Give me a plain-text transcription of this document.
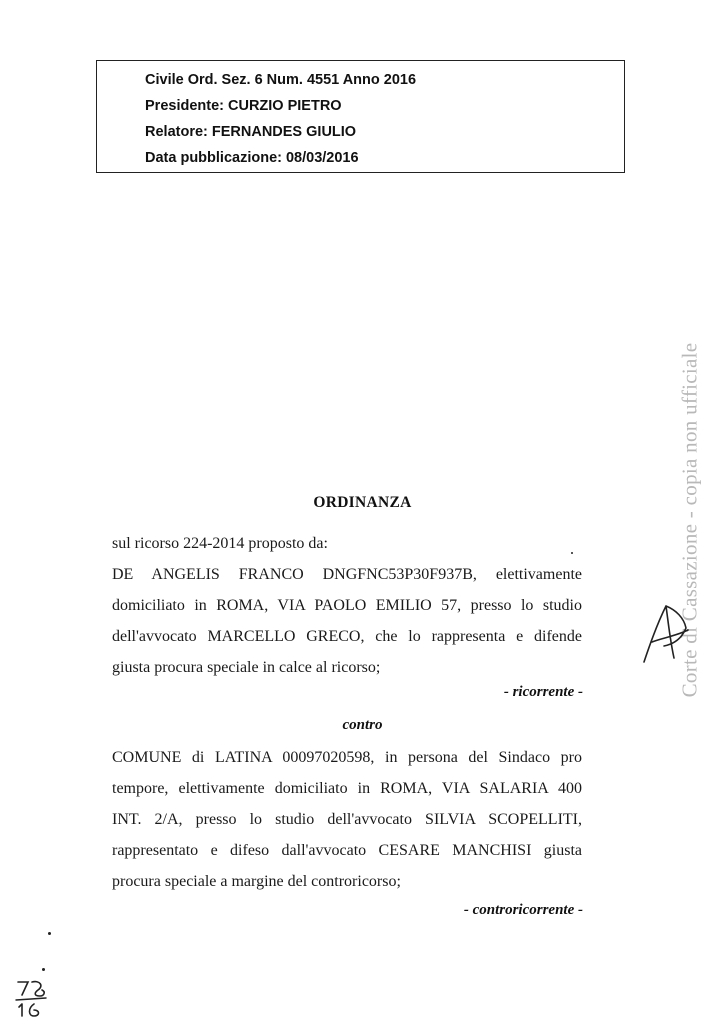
Civile Ord. Sez. 6 Num. 4551 Anno 2016
Presidente: CURZIO PIETRO
Relatore: FERNANDES GIULIO
Data pubblicazione: 08/03/2016
ORDINANZA
sul ricorso 224-2014 proposto da:
DE ANGELIS FRANCO DNGFNC53P30F937B, elettivamente
domiciliato in ROMA, VIA PAOLO EMILIO 57, presso lo studio
dell'avvocato MARCELLO GRECO, che lo rappresenta e difende
giusta procura speciale in calce al ricorso;
- ricorrente -
contro
COMUNE di LATINA 00097020598, in persona del Sindaco pro
tempore, elettivamente domiciliato in ROMA, VIA SALARIA 400
INT. 2/A, presso lo studio dell'avvocato SILVIA SCOPELLITI,
rappresentato e difeso dall'avvocato CESARE MANCHISI giusta
procura speciale a margine del controricorso;
- controricorrente -
Corte di Cassazione - copia non ufficiale
